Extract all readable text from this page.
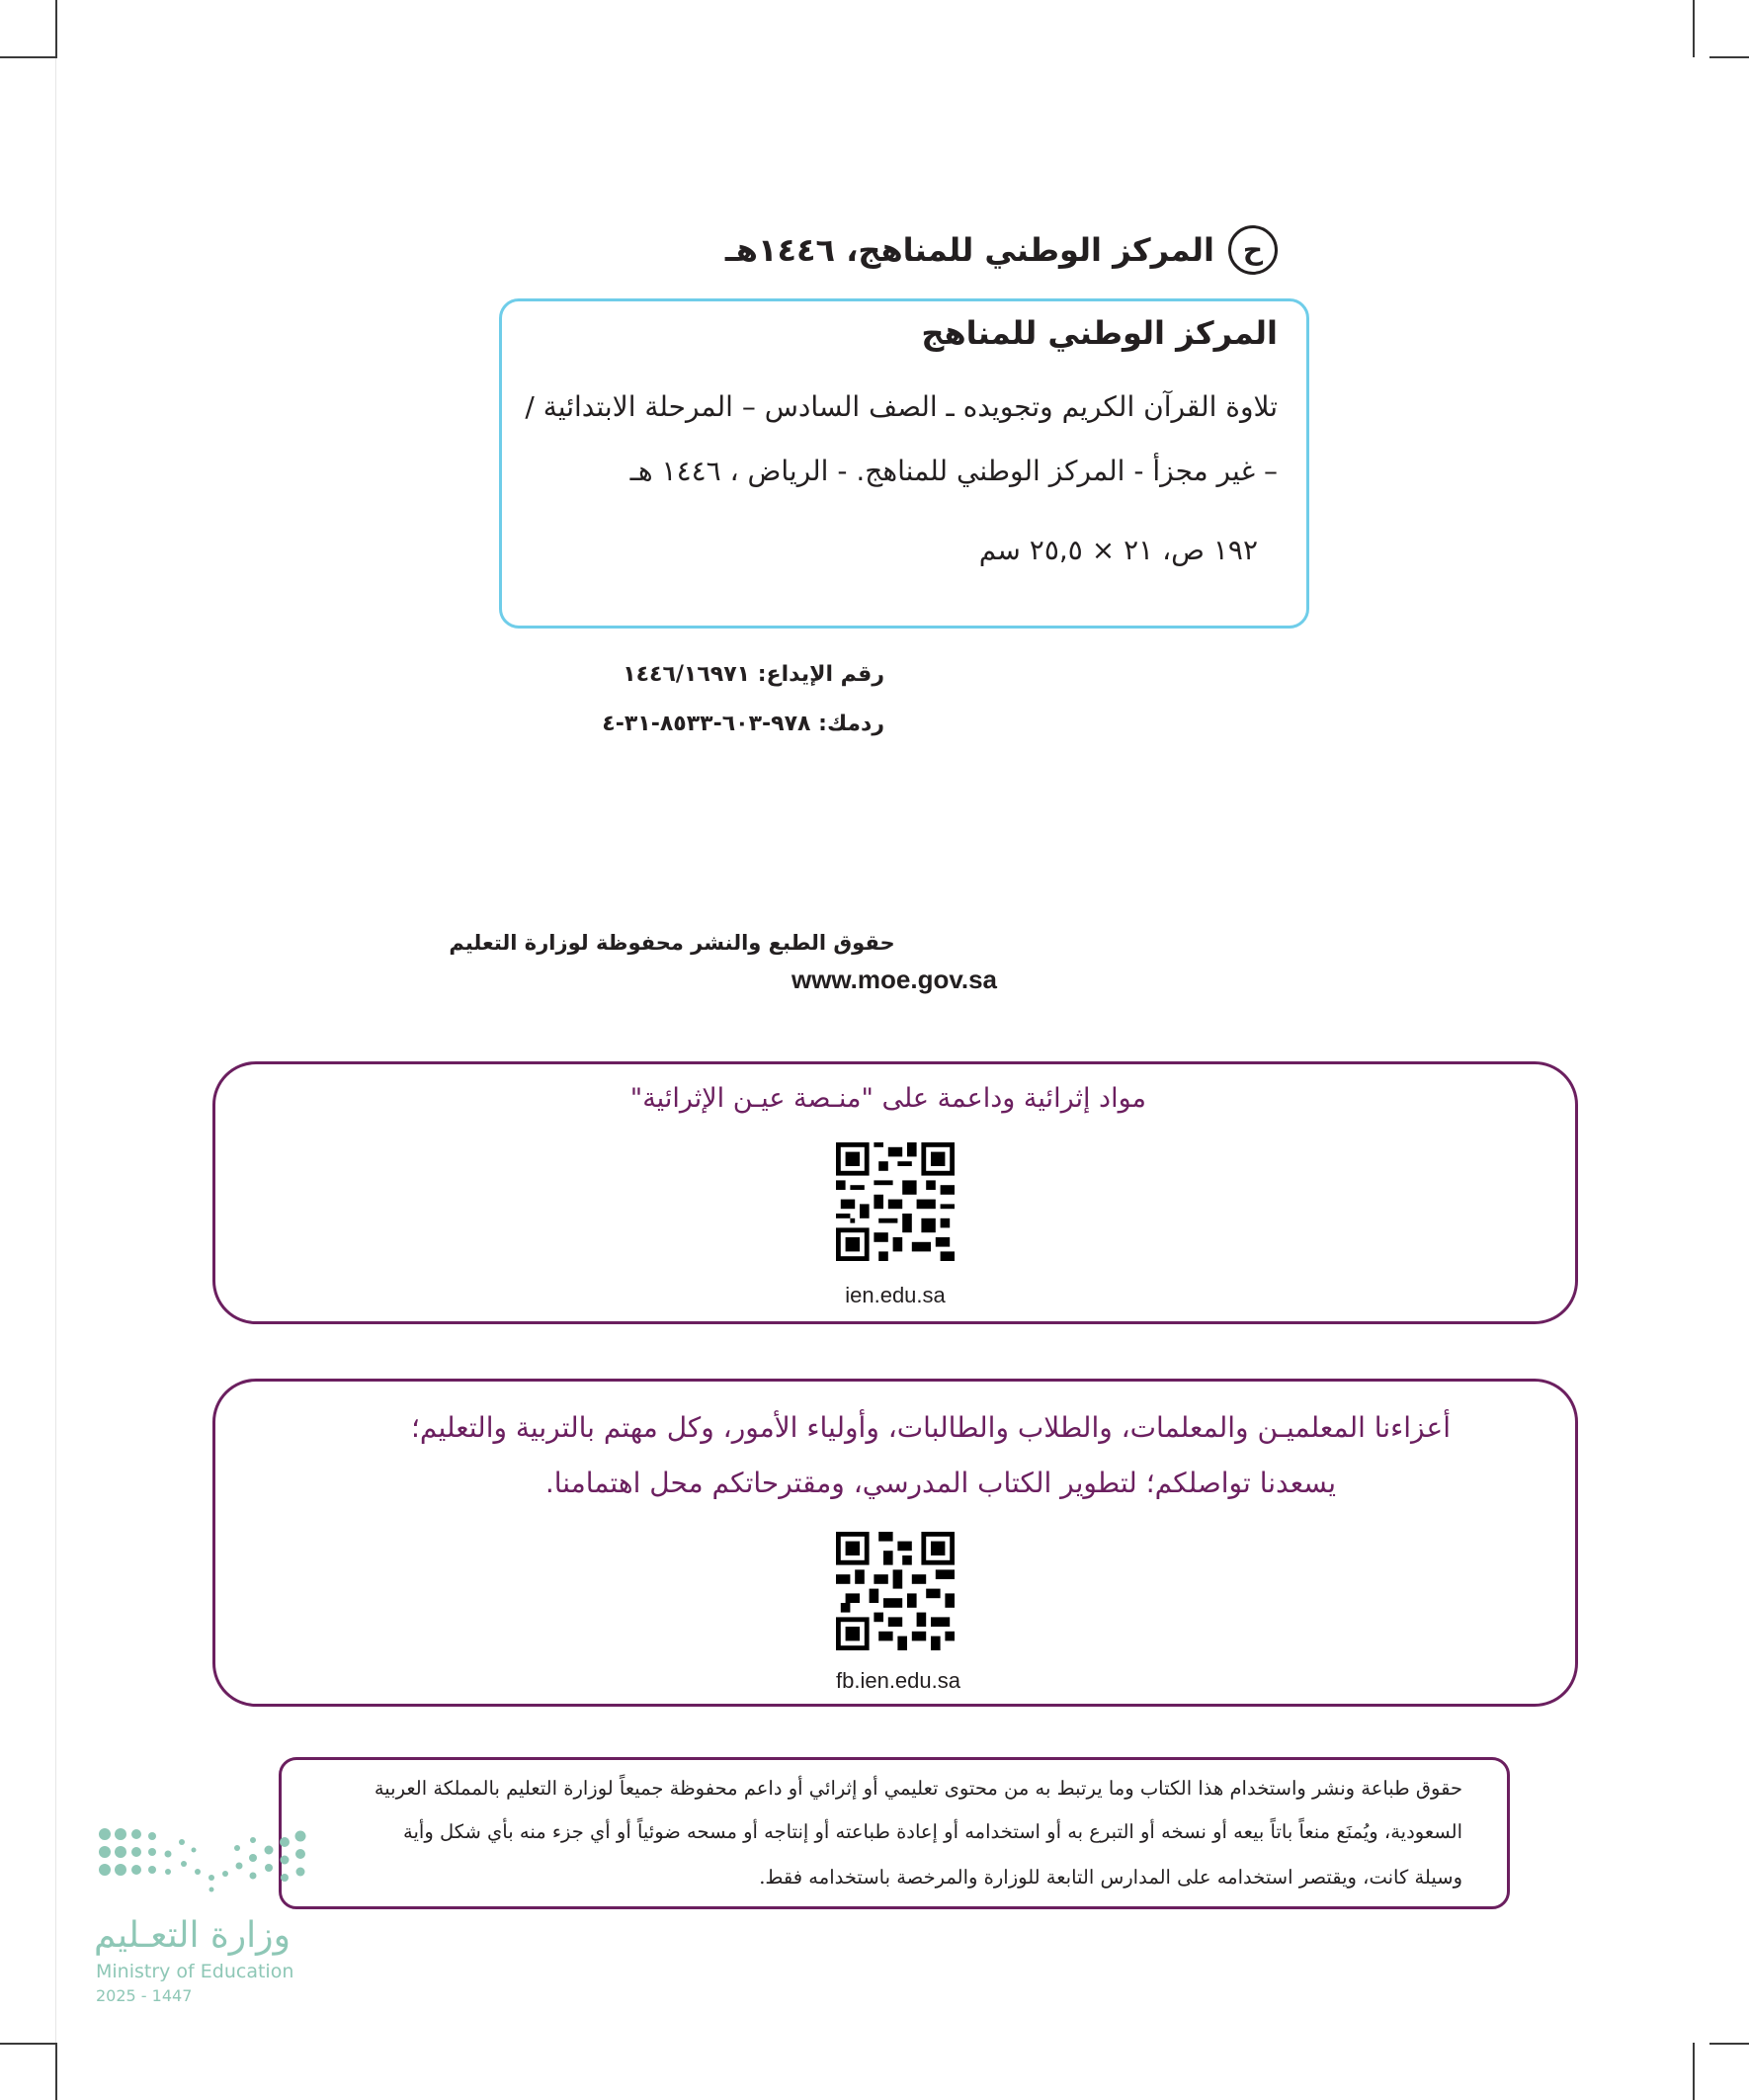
ح
المركز الوطني للمناهج، ١٤٤٦هـ
المركز الوطني للمناهج
تلاوة القرآن الكريم وتجويده ـ الصف السادس – المرحلة الابتدائية /
– غير مجزأ - المركز الوطني للمناهج. - الرياض ، ١٤٤٦ هـ
١٩٢ ص، ٢١ × ٢٥,٥ سم
رقم الإيداع: ١٤٤٦/١٦٩٧١
ردمك: ٩٧٨-٦٠٣-٨٥٣٣-٣١-٤
حقوق الطبع والنشر محفوظة لوزارة التعليم
www.moe.gov.sa
مواد إثرائية وداعمة على "منـصة عيـن الإثرائية"
ien.edu.sa
أعزاءنا المعلميـن والمعلمات، والطلاب والطالبات، وأولياء الأمور، وكل مهتم بالتربية والتعليم؛
يسعدنا تواصلكم؛ لتطوير الكتاب المدرسي، ومقترحاتكم محل اهتمامنا.
fb.ien.edu.sa
حقوق طباعة ونشر واستخدام هذا الكتاب وما يرتبط به من محتوى تعليمي أو إثرائي أو داعم محفوظة جميعاً لوزارة التعليم بالمملكة العربية
السعودية، ويُمنَع منعاً باتاً بيعه أو نسخه أو التبرع به أو استخدامه أو إعادة طباعته أو إنتاجه أو مسحه ضوئياً أو أي جزء منه بأي شكل وأية
وسيلة كانت، ويقتصر استخدامه على المدارس التابعة للوزارة والمرخصة باستخدامه فقط.
وزارة التعـليم
Ministry of Education
2025 - 1447
